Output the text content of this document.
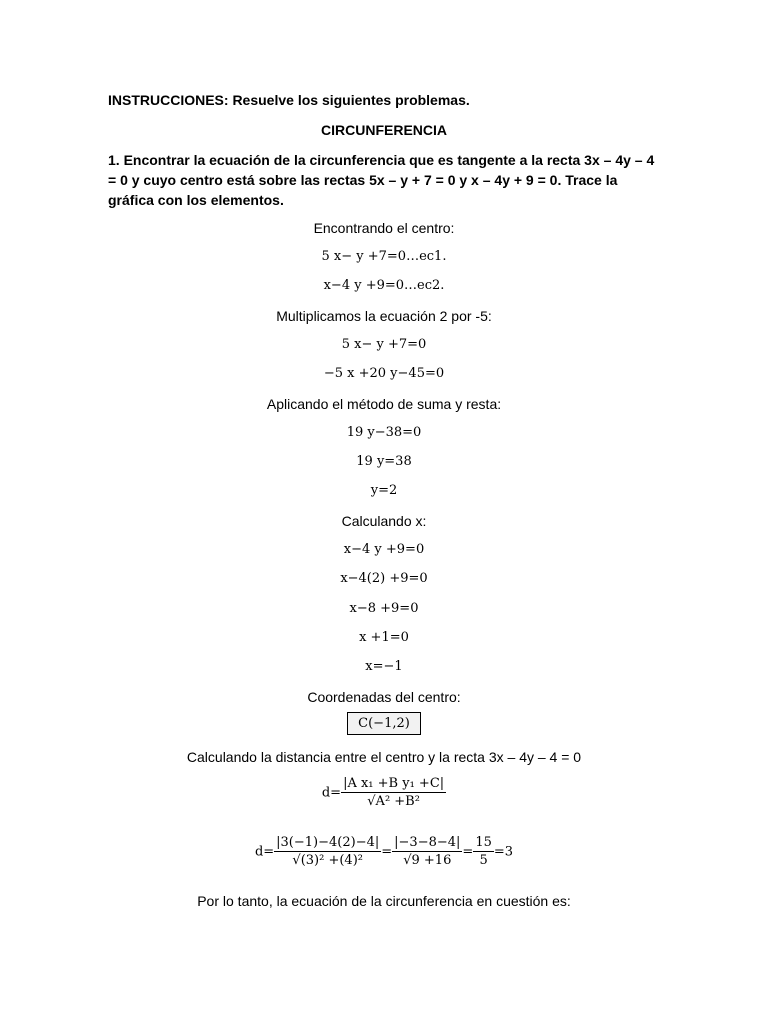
INSTRUCCIONES: Resuelve los siguientes problemas.
CIRCUNFERENCIA
1. Encontrar la ecuación de la circunferencia que es tangente a la recta 3x – 4y – 4 = 0 y cuyo centro está sobre las rectas 5x – y + 7 = 0 y x – 4y + 9 = 0. Trace la gráfica con los elementos.
Encontrando el centro:
5 x− y +7=0…ec1.
x−4 y +9=0…ec2.
Multiplicamos la ecuación 2 por -5:
5 x− y +7=0
−5 x +20 y−45=0
Aplicando el método de suma y resta:
19 y−38=0
19 y=38
y=2
Calculando x:
x−4 y +9=0
x−4(2) +9=0
x−8 +9=0
x +1=0
x=−1
Coordenadas del centro:
C(−1,2)
Calculando la distancia entre el centro y la recta 3x – 4y – 4 = 0
$d= \frac{\text{|A x₁ +B y₁ +C|}}{\text{√A² +B²}}$
$d= \frac{|3(-1)-4(2)-4|}{\text{√(3)² +(4)²}} = \frac{|-3-8-4|}{√9 +16} = \frac{15}{5} =3$
Por lo tanto, la ecuación de la circunferencia en cuestión es:
